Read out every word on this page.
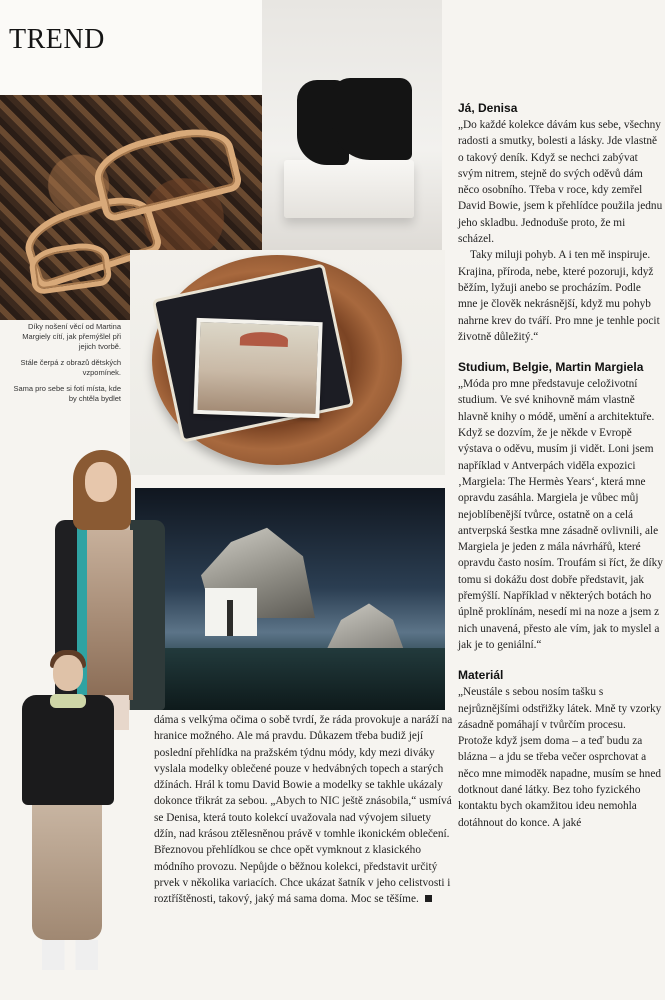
TREND

Díky nošení věcí od Martina Margiely cítí, jak přemýšlel při jejich tvorbě.

Stále čerpá z obrazů dětských vzpomínek.

Sama pro sebe si fotí místa, kde by chtěla bydlet

dáma s velkýma očima o sobě tvrdí, že ráda provokuje a naráží na hranice možného. Ale má pravdu. Důkazem třeba budiž její poslední přehlídka na pražském týdnu módy, kdy mezi diváky vyslala modelky oblečené pouze v hedvábných topech a starých džínách. Hrál k tomu David Bowie a modelky se takhle ukázaly dokonce třikrát za sebou. „Abych to NIC ještě znásobila,“ usmívá se Denisa, která touto kolekcí uvažovala nad vývojem siluety džín, nad krásou ztělesněnou právě v tomhle ikonickém oblečení. Březnovou přehlídkou se chce opět vymknout z klasického módního provozu. Nepůjde o běžnou kolekci, představit určitý prvek v několika variacích. Chce ukázat šatník v jeho celistvosti i roztříštěnosti, takový, jaký má sama doma. Moc se těšíme.

Já, Denisa

„Do každé kolekce dávám kus sebe, všechny radosti a smutky, bolesti a lásky. Jde vlastně o takový deník. Když se nechci zabývat svým nitrem, stejně do svých oděvů dám něco osobního. Třeba v roce, kdy zemřel David Bowie, jsem k přehlídce použila jednu jeho skladbu. Jednoduše proto, že mi scházel.

Taky miluji pohyb. A i ten mě inspiruje. Krajina, příroda, nebe, které pozoruji, když běžím, lyžuji anebo se procházím. Podle mne je člověk nekrásnější, když mu pohyb nahrne krev do tváří. Pro mne je tenhle pocit životně důležitý.“

Studium, Belgie, Martin Margiela

„Móda pro mne představuje celoživotní studium. Ve své knihovně mám vlastně hlavně knihy o módě, umění a architektuře. Když se dozvím, že je někde v Evropě výstava o oděvu, musím ji vidět. Loni jsem například v Antverpách viděla expozici ‚Margiela: The Hermès Years‘, která mne opravdu zasáhla. Margiela je vůbec můj nejoblíbenější tvůrce, ostatně on a celá antverpská šestka mne zásadně ovlivnili, ale Margiela je jeden z mála návrhářů, které opravdu často nosím. Troufám si říct, že díky tomu si dokážu dost dobře představit, jak přemýšlí. Například v některých botách ho úplně proklínám, nesedí mi na noze a jsem z nich unavená, přesto ale vím, jak to myslel a jak je to geniální.“

Materiál

„Neustále s sebou nosím tašku s nejrůznějšími odstřižky látek. Mně ty vzorky zásadně pomáhají v tvůrčím procesu. Protože když jsem doma – a teď budu za blázna – a jdu se třeba večer osprchovat a něco mne mimoděk napadne, musím se hned dotknout dané látky. Bez toho fyzického kontaktu bych okamžitou ideu nemohla dotáhnout do konce. A jaké
